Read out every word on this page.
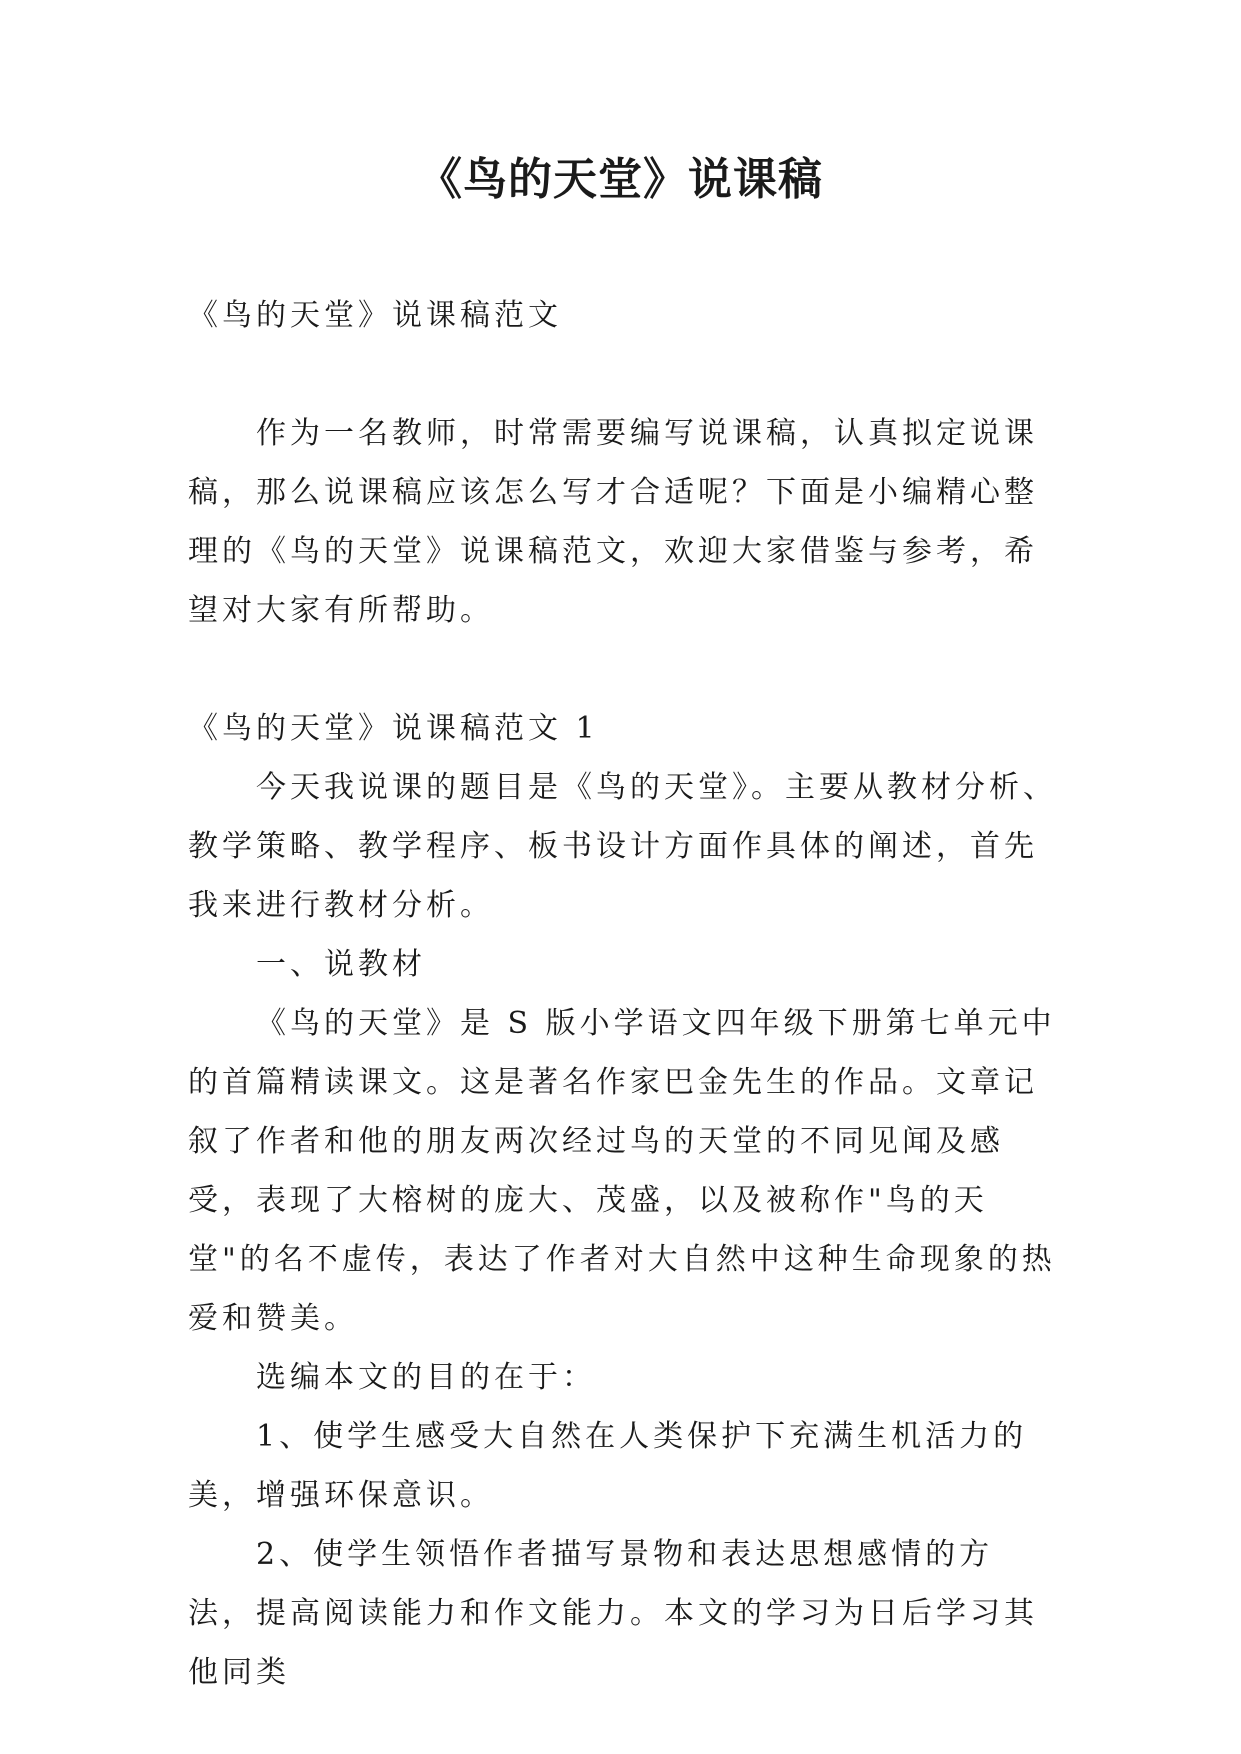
《鸟的天堂》说课稿

《鸟的天堂》说课稿范文

作为一名教师，时常需要编写说课稿，认真拟定说课稿，那么说课稿应该怎么写才合适呢？下面是小编精心整理的《鸟的天堂》说课稿范文，欢迎大家借鉴与参考，希望对大家有所帮助。

《鸟的天堂》说课稿范文 1

今天我说课的题目是《鸟的天堂》。主要从教材分析、教学策略、教学程序、板书设计方面作具体的阐述，首先我来进行教材分析。

一、说教材

《鸟的天堂》是 S 版小学语文四年级下册第七单元中的首篇精读课文。这是著名作家巴金先生的作品。文章记叙了作者和他的朋友两次经过鸟的天堂的不同见闻及感受，表现了大榕树的庞大、茂盛，以及被称作"鸟的天堂"的名不虚传，表达了作者对大自然中这种生命现象的热爱和赞美。

选编本文的目的在于：

1、使学生感受大自然在人类保护下充满生机活力的美，增强环保意识。

2、使学生领悟作者描写景物和表达思想感情的方法，提高阅读能力和作文能力。本文的学习为日后学习其他同类
